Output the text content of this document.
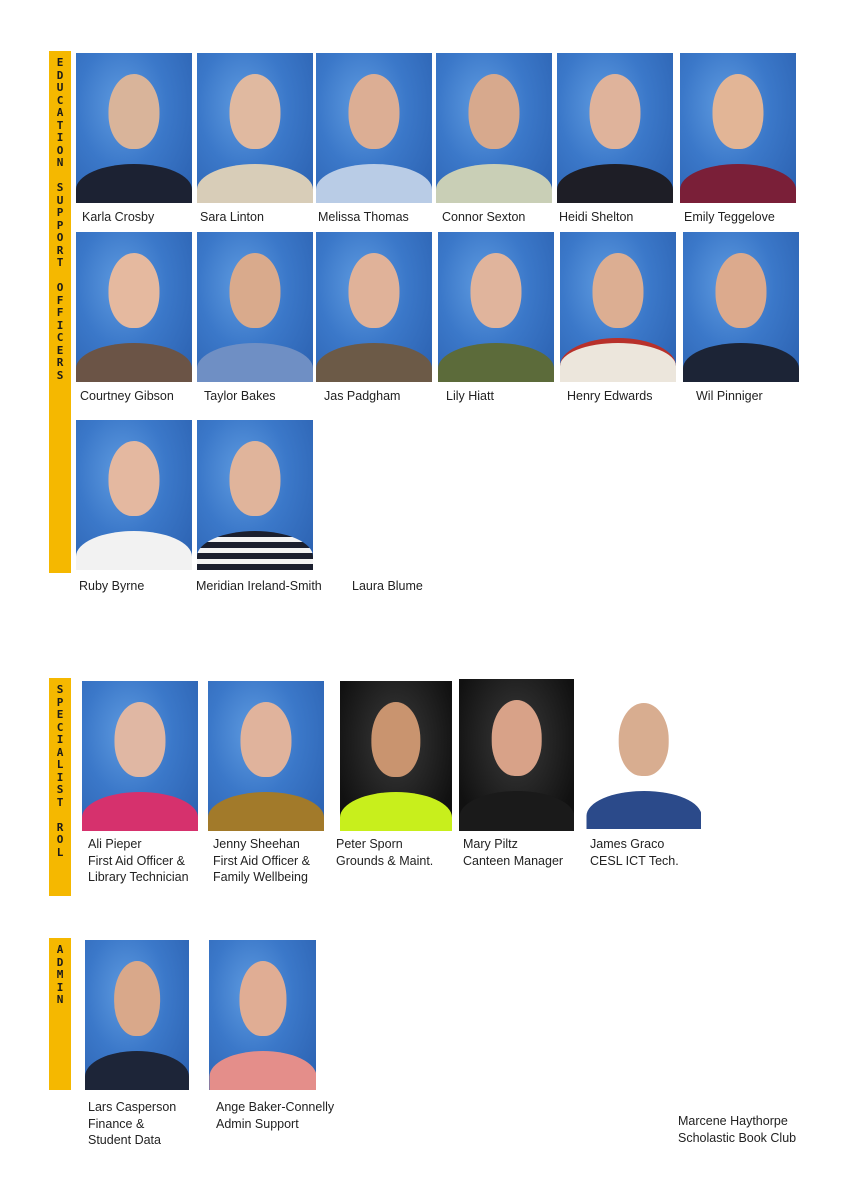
E
D
U
C
A
T
I
O
N

S
U
P
P
O
R
T

O
F
F
I
C
E
R
S
S
P
E
C
I
A
L
I
S
T

R
O
L
A
D
M
I
N
Karla Crosby	Sara Linton	Melissa Thomas	Connor Sexton	Heidi Shelton	Emily Teggelove
Courtney Gibson Taylor Bakes	Jas Padgham	Lily Hiatt	Henry Edwards	Wil Pinniger
Ruby Byrne	Meridian Ireland-Smith Laura Blume
Ali Pieper
First Aid Officer &
Library Technician
Jenny Sheehan
First Aid Officer &
Family Wellbeing
Peter Sporn
Grounds & Maint.
Mary Piltz
Canteen Manager
James Graco
CESL ICT Tech.
Lars Casperson
Finance &
Student Data
Ange Baker-Connelly
Admin Support	Marcene Haythorpe
Scholastic Book Club
